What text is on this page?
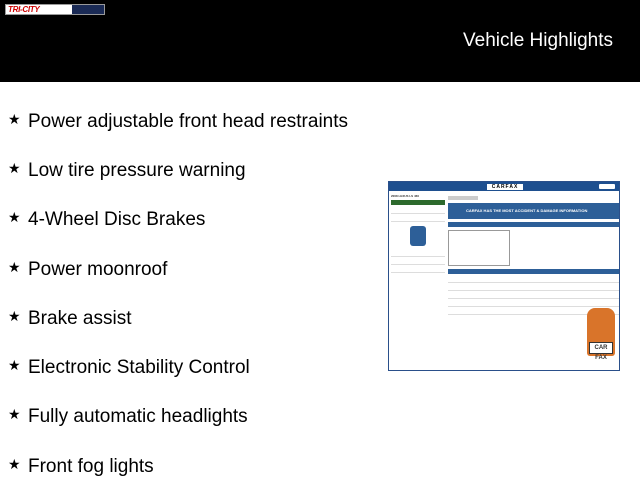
TRI-CITY
Vehicle Highlights
★ Power adjustable front head restraints
★ Low tire pressure warning
★ 4-Wheel Disc Brakes
★ Power moonroof
★ Brake assist
★ Electronic Stability Control
★ Fully automatic headlights
★ Front fog lights
CARFAX
2008 LEXUS LS 460
CARFAX HAS THE MOST ACCIDENT & DAMAGE INFORMATION
CAR FAX
